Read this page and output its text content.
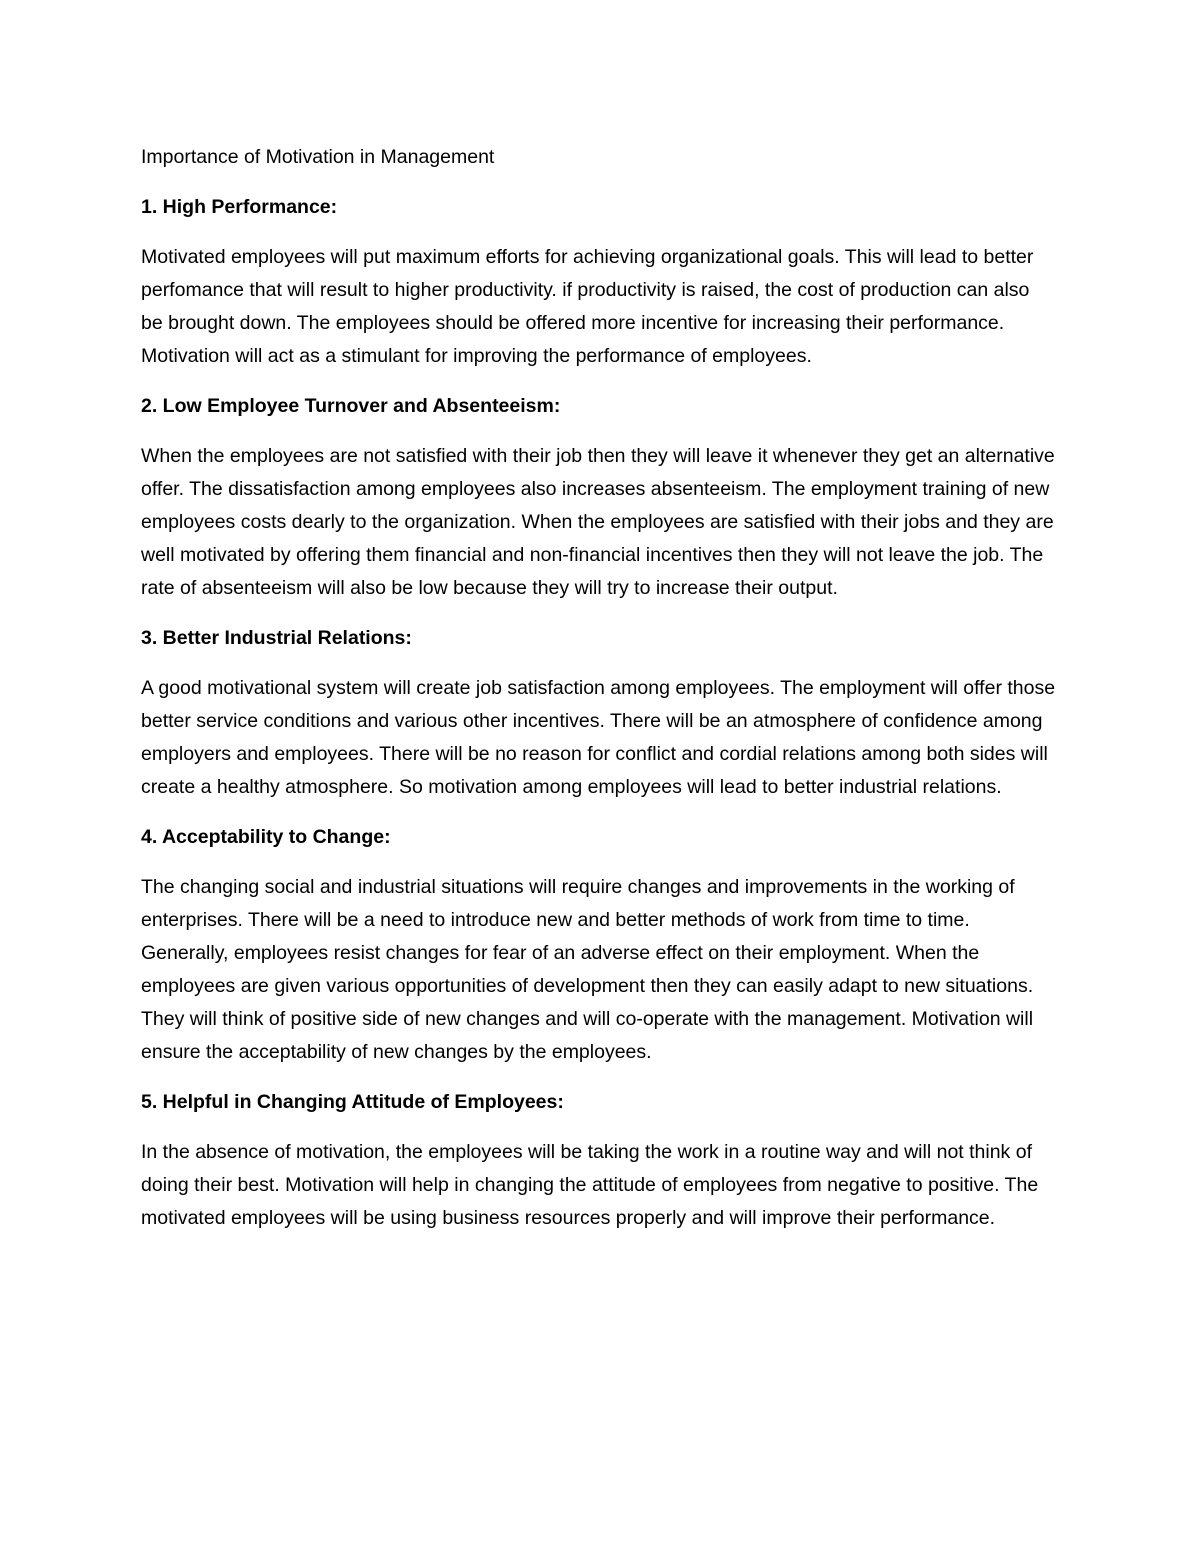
Importance of Motivation in Management

1. High Performance:

Motivated employees will put maximum efforts for achieving organizational goals. This will lead to better perfomance that will result to higher productivity. if productivity is raised, the cost of production can also be brought down. The employees should be offered more incentive for increasing their performance. Motivation will act as a stimulant for improving the performance of employees.

2. Low Employee Turnover and Absenteeism:

When the employees are not satisfied with their job then they will leave it whenever they get an alternative offer. The dissatisfaction among employees also increases absenteeism. The employment training of new employees costs dearly to the organization. When the employees are satisfied with their jobs and they are well motivated by offering them financial and non-financial incentives then they will not leave the job. The rate of absenteeism will also be low because they will try to increase their output.

3. Better Industrial Relations:

A good motivational system will create job satisfaction among employees. The employment will offer those better service conditions and various other incentives. There will be an atmosphere of confidence among employers and employees. There will be no reason for conflict and cordial relations among both sides will create a healthy atmosphere. So motivation among employees will lead to better industrial relations.

4. Acceptability to Change:

The changing social and industrial situations will require changes and improvements in the working of enterprises. There will be a need to introduce new and better methods of work from time to time. Generally, employees resist changes for fear of an adverse effect on their employment. When the employees are given various opportunities of development then they can easily adapt to new situations. They will think of positive side of new changes and will co-operate with the management. Motivation will ensure the acceptability of new changes by the employees.

5. Helpful in Changing Attitude of Employees:

In the absence of motivation, the employees will be taking the work in a routine way and will not think of doing their best. Motivation will help in changing the attitude of employees from negative to positive. The motivated employees will be using business resources properly and will improve their performance.
